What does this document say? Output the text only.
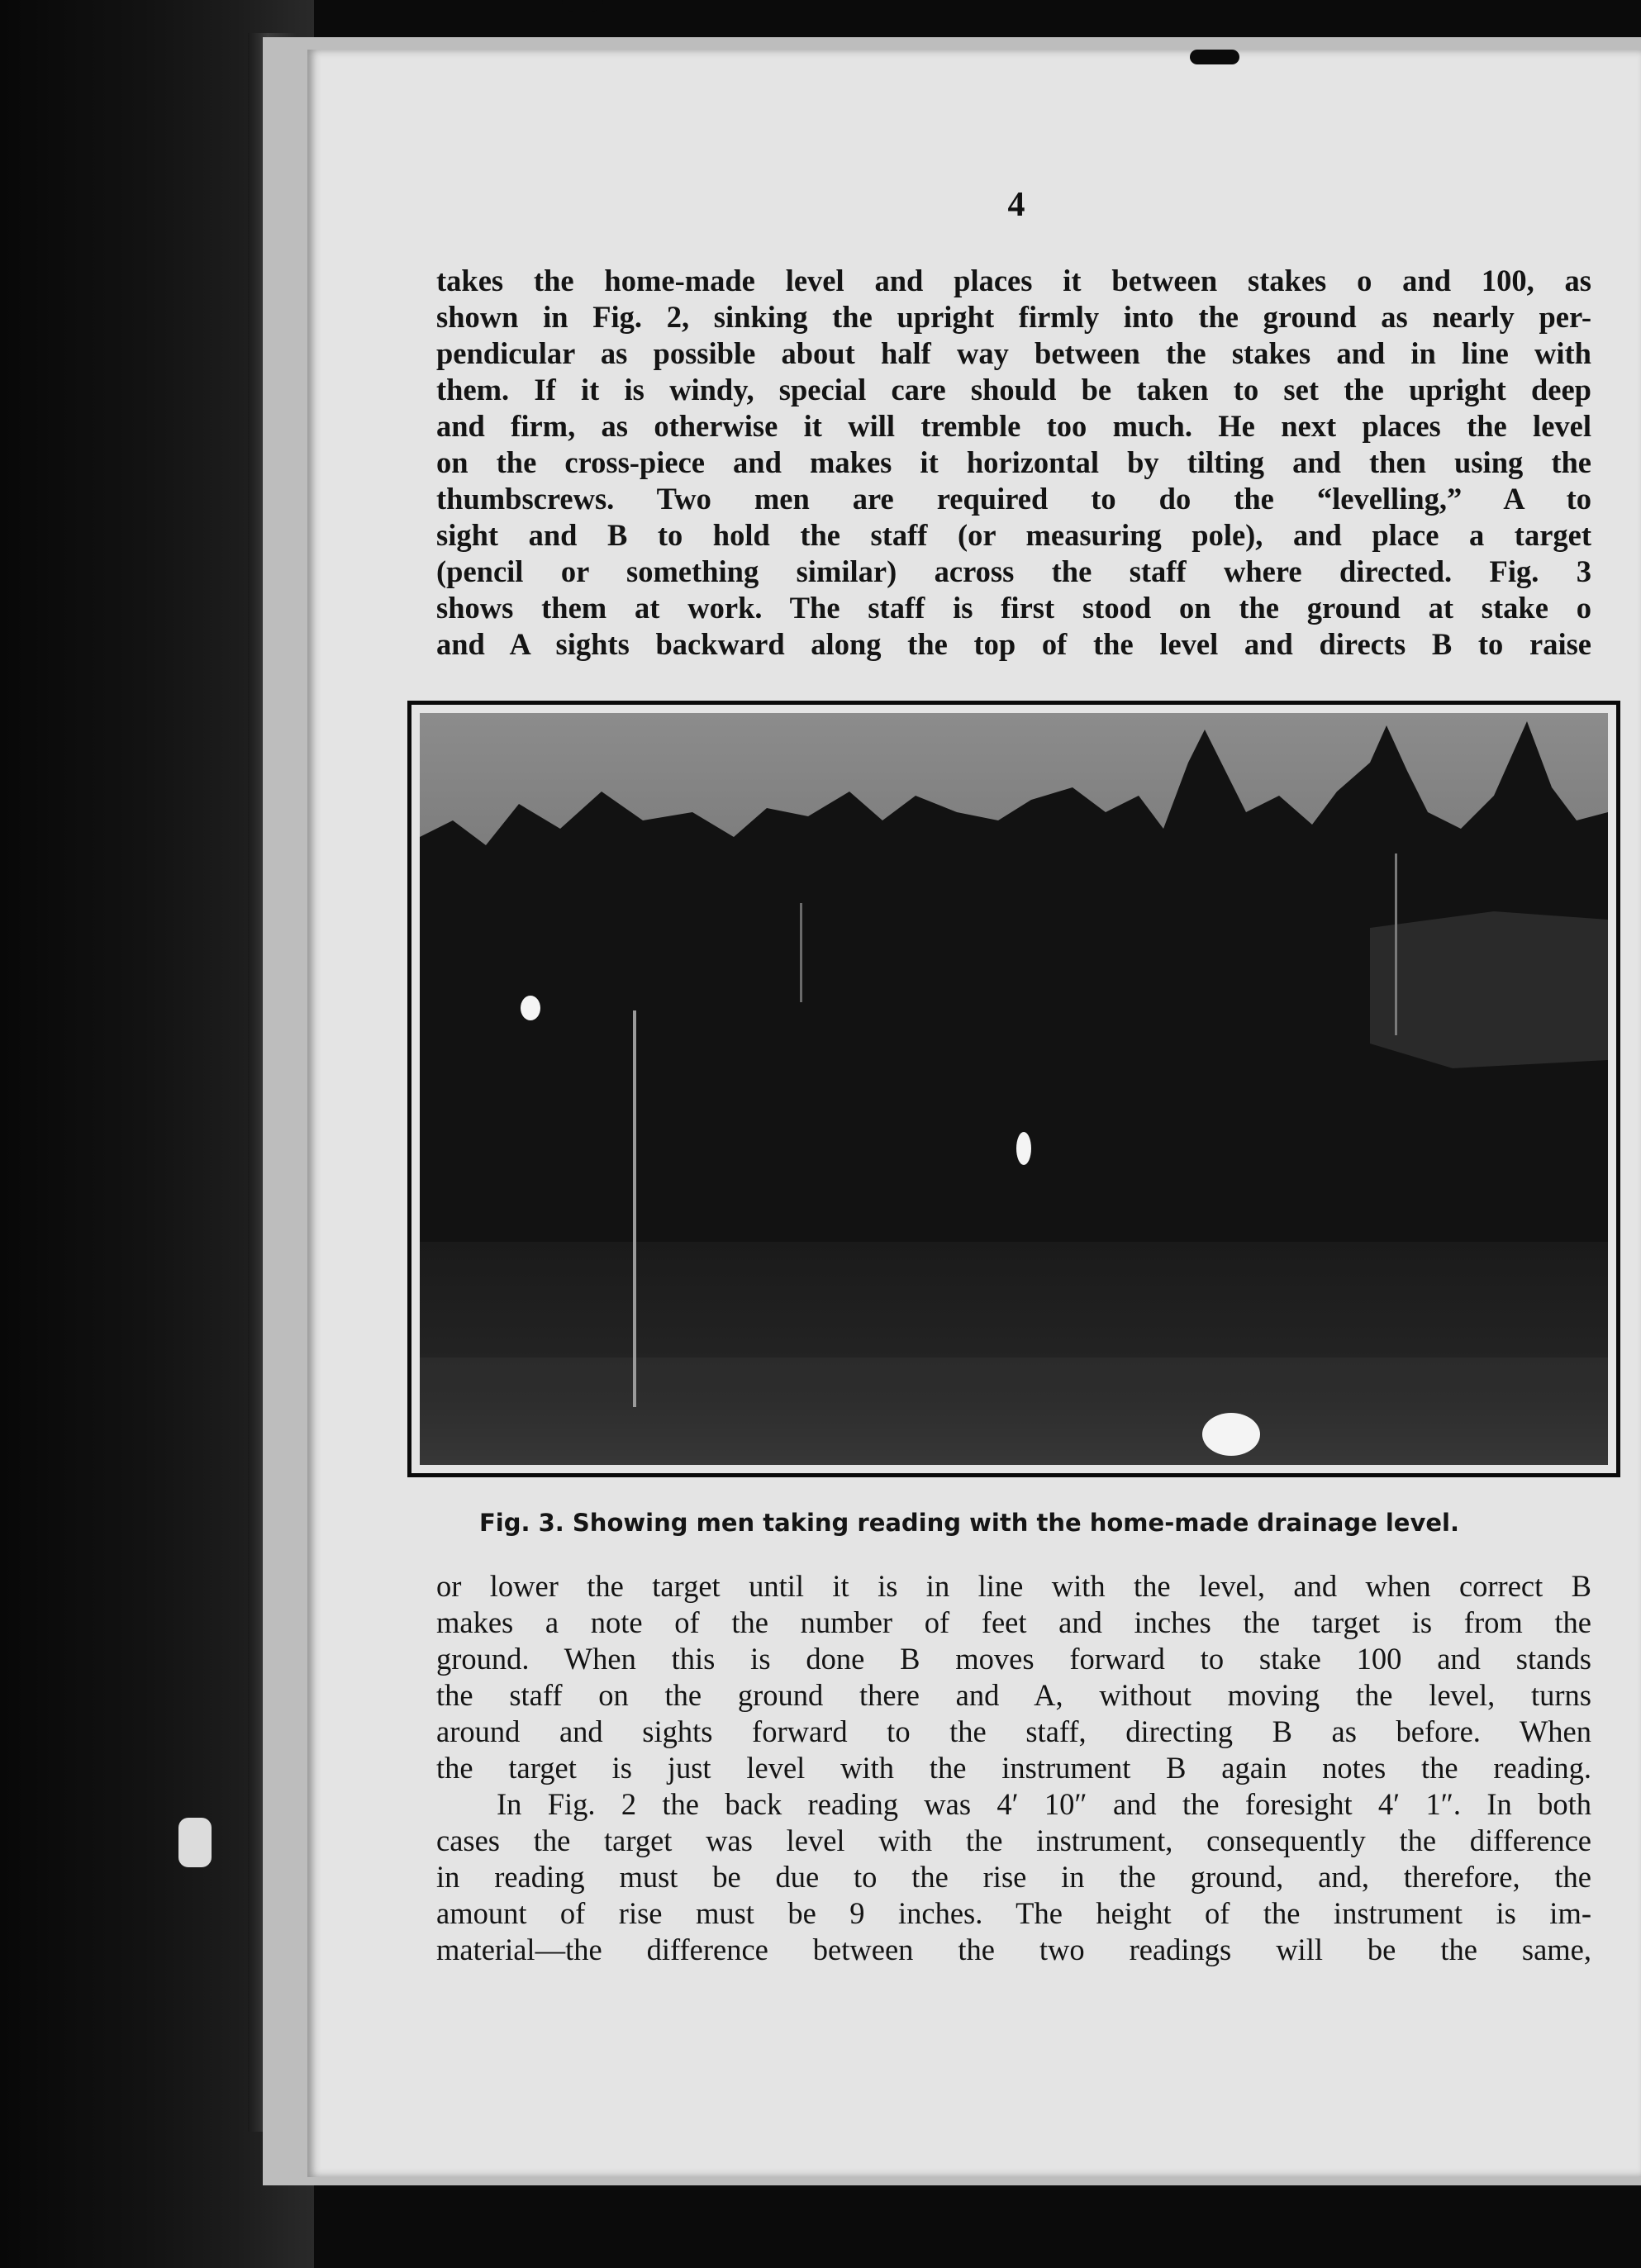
4
takes the home-made level and places it between stakes o and 100, as
shown in Fig. 2, sinking the upright firmly into the ground as nearly per-
pendicular as possible about half way between the stakes and in line with
them. If it is windy, special care should be taken to set the upright deep
and firm, as otherwise it will tremble too much. He next places the level
on the cross-piece and makes it horizontal by tilting and then using the
thumbscrews. Two men are required to do the “levelling,” A to
sight and B to hold the staff (or measuring pole), and place a target
(pencil or something similar) across the staff where directed. Fig. 3
shows them at work. The staff is first stood on the ground at stake o
and A sights backward along the top of the level and directs B to raise
Fig. 3. Showing men taking reading with the home-made drainage level.
or lower the target until it is in line with the level, and when correct B
makes a note of the number of feet and inches the target is from the
ground. When this is done B moves forward to stake 100 and stands
the staff on the ground there and A, without moving the level, turns
around and sights forward to the staff, directing B as before. When
the target is just level with the instrument B again notes the reading.
In Fig. 2 the back reading was 4′ 10″ and the foresight 4′ 1″. In both
cases the target was level with the instrument, consequently the difference
in reading must be due to the rise in the ground, and, therefore, the
amount of rise must be 9 inches. The height of the instrument is im-
material—the difference between the two readings will be the same,
